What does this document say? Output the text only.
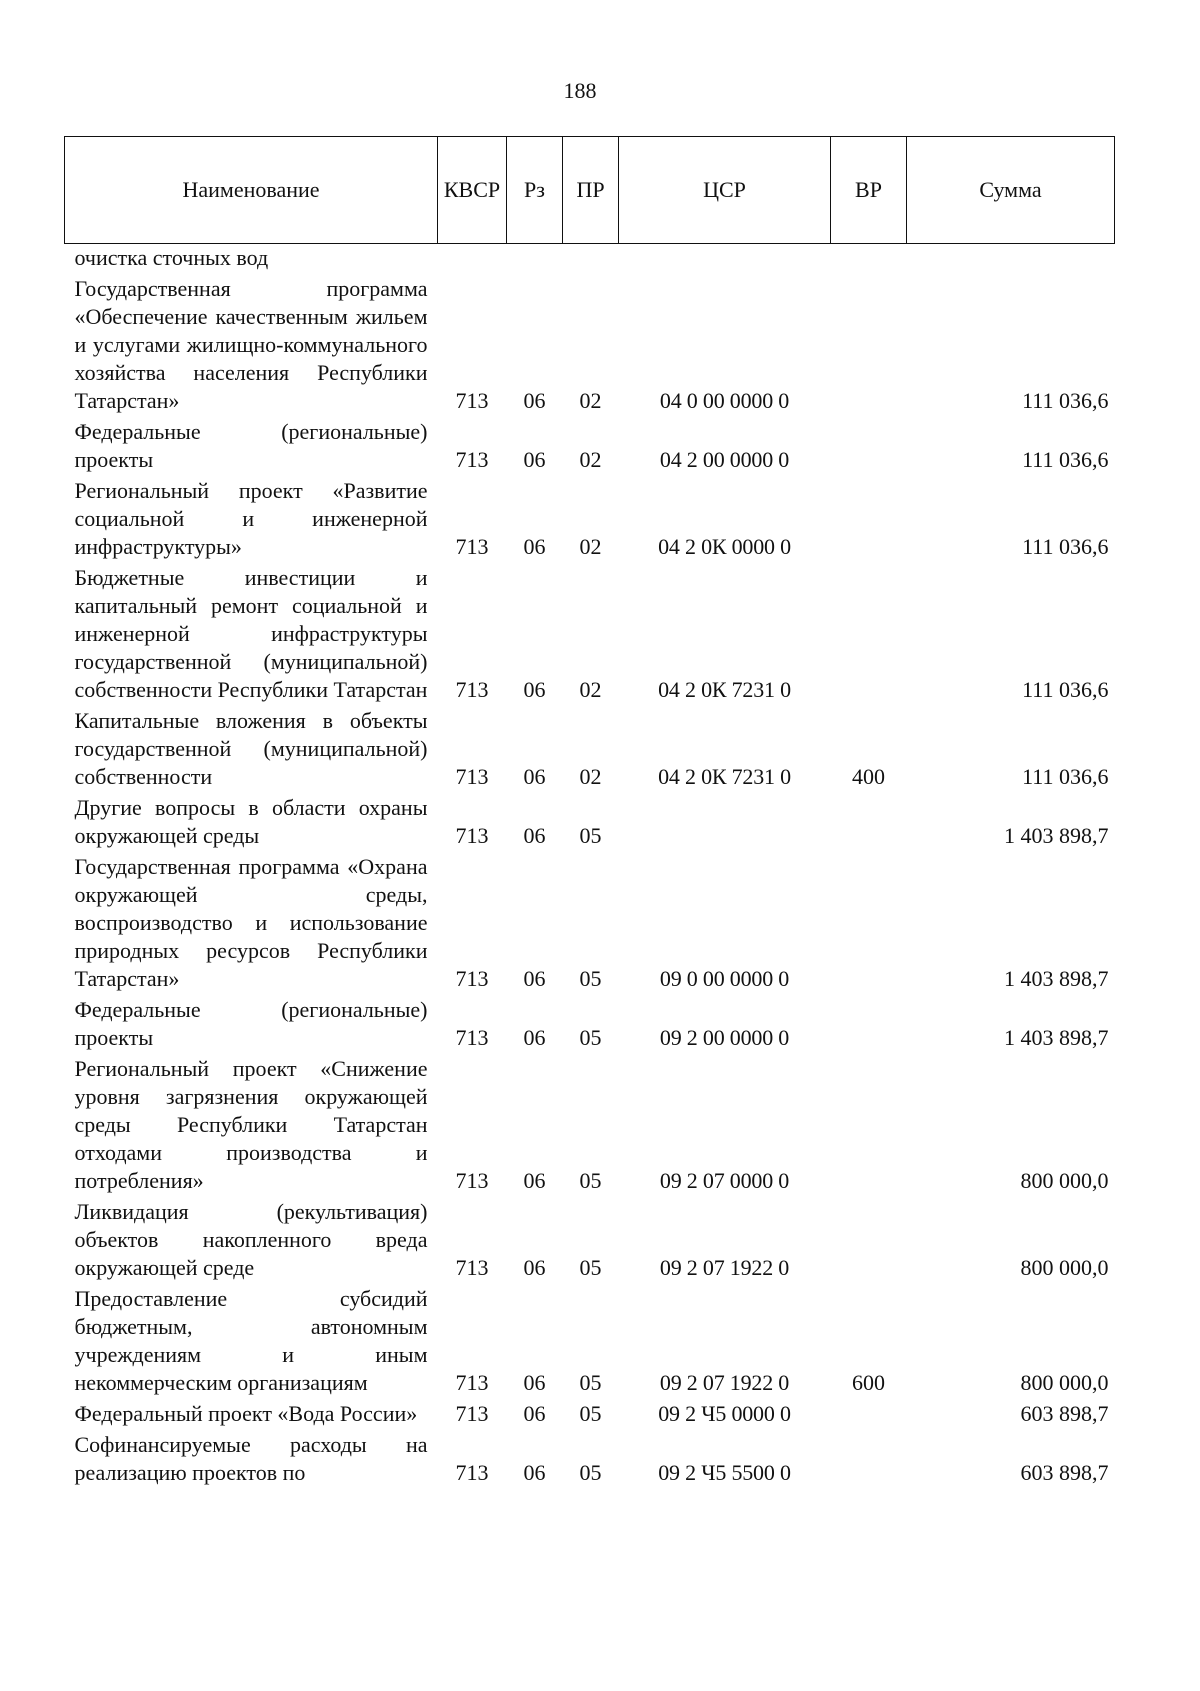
188
Наименование	КВСР	Рз	ПР	ЦСР	ВР	Сумма
очистка сточных вод						

Государственная программа «Обеспечение качественным жильем и услугами жилищно-коммунального хозяйства населения Республики Татарстан»	713	06	02	04 0 00 0000 0		111 036,6

Федеральные (региональные) проекты	713	06	02	04 2 00 0000 0		111 036,6

Региональный проект «Развитие социальной и инженерной инфраструктуры»	713	06	02	04 2 0К 0000 0		111 036,6

Бюджетные инвестиции и капитальный ремонт социальной и инженерной инфраструктуры государственной (муниципальной) собственности Республики Татарстан	713	06	02	04 2 0К 7231 0		111 036,6

Капитальные вложения в объекты государственной (муниципальной) собственности	713	06	02	04 2 0К 7231 0	400	111 036,6

Другие вопросы в области охраны окружающей среды	713	06	05			1 403 898,7

Государственная программа «Охрана окружающей среды, воспроизводство и использование природных ресурсов Республики Татарстан»	713	06	05	09 0 00 0000 0		1 403 898,7

Федеральные (региональные) проекты	713	06	05	09 2 00 0000 0		1 403 898,7

Региональный проект «Снижение уровня загрязнения окружающей среды Республики Татарстан отходами производства и потребления»	713	06	05	09 2 07 0000 0		800 000,0

Ликвидация (рекультивация) объектов накопленного вреда окружающей среде	713	06	05	09 2 07 1922 0		800 000,0

Предоставление субсидий бюджетным, автономным учреждениям и иным некоммерческим организациям	713	06	05	09 2 07 1922 0	600	800 000,0

Федеральный проект «Вода России»	713	06	05	09 2 Ч5 0000 0		603 898,7

Софинансируемые расходы на реализацию проектов по	713	06	05	09 2 Ч5 5500 0		603 898,7
